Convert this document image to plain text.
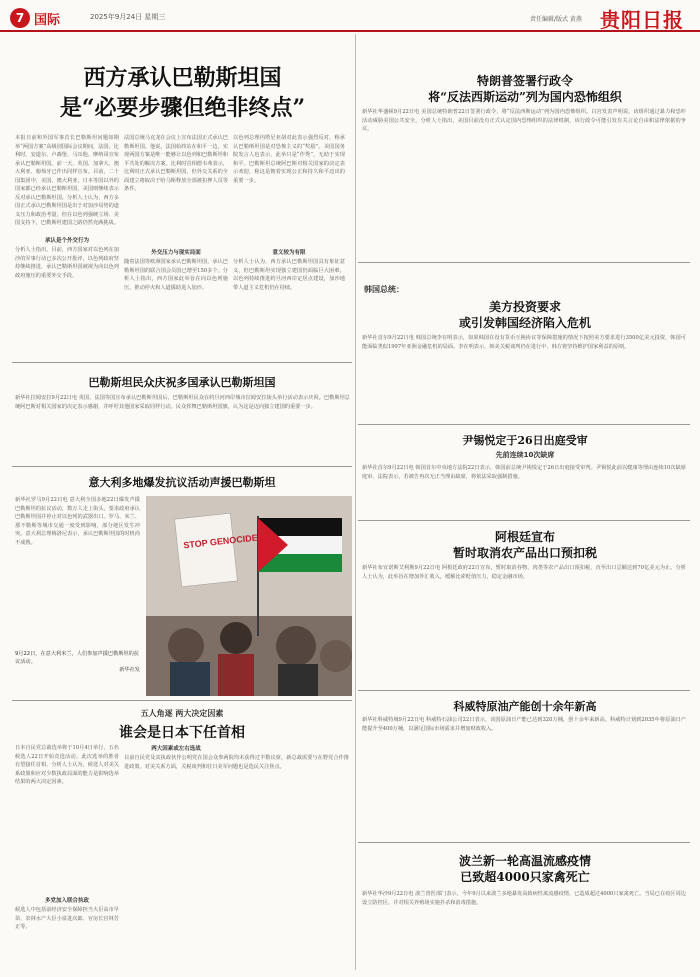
7 国际	2025年9月24日 星期三	责任编辑/版式 黄燕 贵阳日报
西方承认巴勒斯坦国
是“必要步骤但绝非终点”
本报日前和外国军事首长巴勒斯坦问题如期举“两国方案”高级别国际会议期间，法国、比利时、安道尔、卢森堡、马耳他、摩纳哥宣布承认巴勒斯坦国。前一天，英国、加拿大、澳大利亚、葡萄牙已作出同样宣布。目前，二十国集团中，美国、澳大利亚、日本等国以外的国家都已经承认巴勒斯坦国，美国则继续表示反对承认巴勒斯坦国。分析人士认为，西方多国正式承认巴勒斯坦国是出于对加沙局势的道义压力和政治考量，但在以色列强硬立场、美国支持下，巴勒斯坦建国之路仍然充满挑战。
承认是个外交行为
分析人士指出，目前，西方国家对以色列在加沙的军事行动已多次公开批评，以色列政府坚持继续推进，承认巴勒斯坦国被视为向以色列政府施压的重要外交手段。
法国总统马克龙在会议上宣布法国正式承认巴勒斯坦国。他说，法国始终站在和平一边，实现两国方案是唯一能够让以色列和巴勒斯坦和平共处的解决方案。比利时首相德韦弗表示，比利时正式承认巴勒斯坦国，但外交关系的全面建立将取决于哈马斯释放全部被扣押人员等条件。
外交压力与现实局面
随着法国等欧洲国家承认巴勒斯坦国，承认巴勒斯坦国的联合国会员国已增至150多个。分析人士指出，西方国家此举旨在向以色列施压，推动停火和人道援助进入加沙。
以色列总理内塔尼亚胡对此表示强烈反对，称承认巴勒斯坦国是对恐怖主义的“奖励”。美国国务院发言人也表示，此举只是“作秀”，无助于实现和平。巴勒斯坦总统阿巴斯对相关国家的决定表示欢迎，称这是朝着实现公正和持久和平迈出的重要一步。
意义较为有限
分析人士认为，西方承认巴勒斯坦国具有象征意义，但巴勒斯坦实现独立建国仍面临巨大困难。以色列持续推进约旦河西岸定居点建设，加沙地带人道主义危机仍在持续。
特朗普签署行政令
将“反法西斯运动”列为国内恐怖组织
新华社华盛顿9月22日电 美国总统特朗普22日签署行政令，将“反法西斯运动”列为国内恐怖组织。白宫发表声明说，该组织通过暴力和恐吓活动威胁美国公共安全。分析人士指出，美国目前没有正式认定国内恐怖组织的法律机制，该行政令可能引发有关言论自由和法律依据的争议。
韩国总统：
美方投资要求
或引发韩国经济陷入危机
新华社首尔9月22日电 韩国总统李在明表示，如果韩国在没有货币互换协议等保障措施的情况下按照美方要求进行3500亿美元投资，韩国可能面临类似1997年亚洲金融危机的局面。李在明表示，韩美关税谈判仍在进行中，韩方将坚持维护国家利益的原则。
巴勒斯坦民众庆祝多国承认巴勒斯坦国
新华社拉姆安拉9月22日电 英国、法国等国宣布承认巴勒斯坦国后，巴勒斯坦民众在约旦河西岸城市拉姆安拉街头举行活动表示庆祝。巴勒斯坦总统阿巴斯对相关国家的决定表示感谢，并呼吁其他国家采取同样行动。民众挥舞巴勒斯坦国旗，认为这是迈向独立建国的重要一步。
尹锡悦定于26日出庭受审
先前连续10次缺席
意大利多地爆发抗议活动声援巴勒斯坦
新华社罗马9月22日电 意大利全国多地22日爆发声援巴勒斯坦的抗议活动，数万人走上街头，要求政府承认巴勒斯坦国并停止对以色列的武器出口。罗马、米兰、那不勒斯等城市交通一度受到影响，部分地区发生冲突。意大利总理梅洛尼表示，承认巴勒斯坦国的时机尚不成熟。
9月22日，在意大利米兰，人们参加声援巴勒斯坦的抗议活动。
新华社发
STOP GENOCIDE
新华社首尔9月22日电 韩国首尔中央地方法院22日表示，韩国前总统尹锡悦定于26日出庭接受审判。尹锡悦此前以健康等理由连续10次缺席庭审。法院表示，若被告再次无正当理由缺席，将依法采取强制措施。
阿根廷宣布
暂时取消农产品出口预扣税
新华社布宜诺斯艾利斯9月22日电 阿根廷政府22日宣布，暂时取消谷物、肉类等农产品出口预扣税，直至出口总额达到70亿美元为止。分析人士认为，此举旨在增加外汇收入，缓解比索贬值压力，稳定金融市场。
科威特原油产能创十余年新高
新华社科威特城9月22日电 科威特石油公司22日表示，该国原油日产能已达到320万桶，创十余年来新高。科威特计划到2035年将原油日产能提升至400万桶，以满足国际市场需求并增加财政收入。
五人角逐 两大决定因素
谁会是日本下任首相
日本自民党总裁选举将于10月4日举行，五名候选人22日开始竞选活动。此次选举的胜者有望接任首相。分析人士认为，候选人对美关系政策和应对少数执政局面的能力是影响选举结果的两大决定因素。
多党加入联合执政
候选人中包括前经济安全保障担当大臣高市早苗、农林水产大臣小泉进次郎、官房长官林芳正等。
两大因素或左右选战
目前自民党及其执政伙伴公明党在国会众参两院均未获得过半数议席，新总裁需要与在野党合作推进政策。对美关系方面，关税谈判和驻日美军问题也是选民关注焦点。
波兰新一轮高温流感疫情
已致超4000只家禽死亡
新华社华沙9月22日电 波兰兽医部门表示，今年9月以来波兰多地暴发高致病性禽流感疫情，已造成超过4000只家禽死亡。当局已在疫区周边设立防控区，并对相关养殖场实施扑杀和消毒措施。
